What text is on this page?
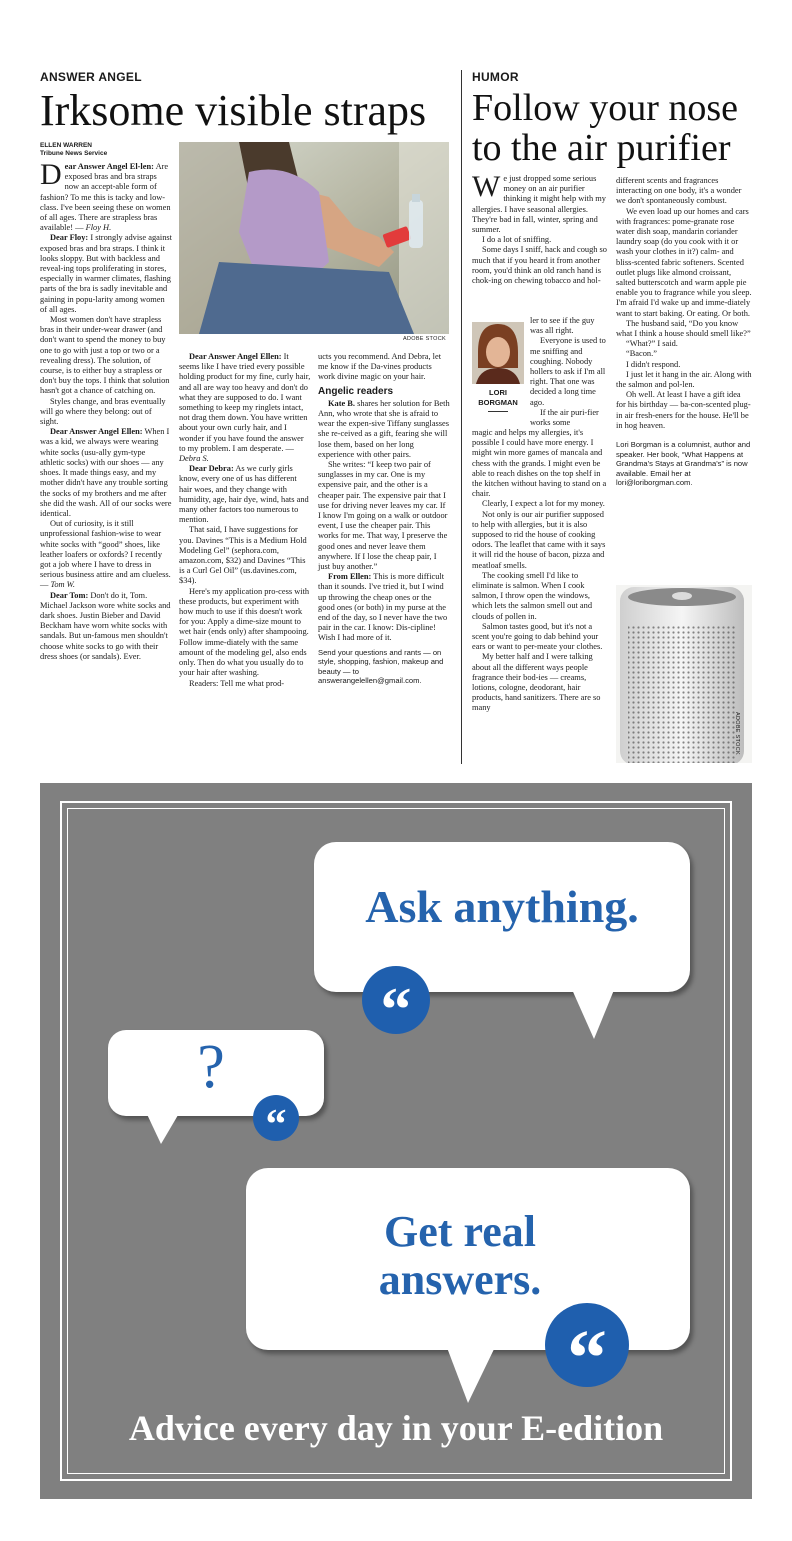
ANSWER ANGEL
Irksome visible straps
ELLEN WARREN
Tribune News Service
ADOBE STOCK

Dear Answer Angel El-len: Are exposed bras and bra straps now an accept-able form of fashion? To me this is tacky and low-class. I've been seeing these on women of all ages. There are strapless bras available! — Floy H.

Dear Floy: I strongly advise against exposed bras and bra straps. I think it looks sloppy. But with backless and reveal-ing tops proliferating in stores, especially in warmer climates, flashing parts of the bra is sadly inevitable and gaining in popu-larity among women of all ages.

Most women don't have strapless bras in their under-wear drawer (and don't want to spend the money to buy one to go with just a top or two or a revealing dress). The solution, of course, is to either buy a strapless or don't buy the tops. I think that solution hasn't got a chance of catching on.

Styles change, and bras eventually will go where they belong: out of sight.

Dear Answer Angel Ellen: When I was a kid, we always were wearing white socks (usu-ally gym-type athletic socks) with our shoes — any shoes. It made things easy, and my mother didn't have any trouble sorting the socks of my brothers and me after she did the wash. All of our socks were identical.

Out of curiosity, is it still unprofessional fashion-wise to wear white socks with “good” shoes, like leather loafers or oxfords? I recently got a job where I have to dress in serious business attire and am clueless. — Tom W.

Dear Tom: Don't do it, Tom. Michael Jackson wore white socks and dark shoes. Justin Bieber and David Beckham have worn white socks with sandals. But un-famous men shouldn't choose white socks to go with their dress shoes (or sandals). Ever.

Dear Answer Angel Ellen: It seems like I have tried every possible holding product for my fine, curly hair, and all are way too heavy and don't do what they are supposed to do. I want something to keep my ringlets intact, not drag them down. You have written about your own curly hair, and I wonder if you have found the answer to my problem. I am desperate. — Debra S.

Dear Debra: As we curly girls know, every one of us has different hair woes, and they change with humidity, age, hair dye, wind, hats and many other factors too numerous to mention.

That said, I have suggestions for you. Davines “This is a Medium Hold Modeling Gel” (sephora.com, amazon.com, $32) and Davines “This is a Curl Gel Oil” (us.davines.com, $34).

Here's my application pro-cess with these products, but experiment with how much to use if this doesn't work for you: Apply a dime-size mount to wet hair (ends only) after shampooing. Follow imme-diately with the same amount of the modeling gel, also ends only. Then do what you usually do to your hair after washing.

Readers: Tell me what prod-

ucts you recommend. And Debra, let me know if the Da-vines products work divine magic on your hair.

Angelic readers

Kate B. shares her solution for Beth Ann, who wrote that she is afraid to wear the expen-sive Tiffany sunglasses she re-ceived as a gift, fearing she will lose them, based on her long experience with other pairs.

She writes: “I keep two pair of sunglasses in my car. One is my expensive pair, and the other is a cheaper pair. The expensive pair that I use for driving never leaves my car. If I know I'm going on a walk or outdoor event, I use the cheaper pair. This works for me. That way, I preserve the good ones and never leave them anywhere. If I lose the cheap pair, I just buy another.”

From Ellen: This is more difficult than it sounds. I've tried it, but I wind up throwing the cheap ones or the good ones (or both) in my purse at the end of the day, so I never have the two pair in the car. I know: Dis-cipline! Wish I had more of it.

Send your questions and rants — on style, shopping, fashion, makeup and beauty — to answerangelellen@gmail.com.

HUMOR
Follow your nose
to the air purifier

We just dropped some serious money on an air purifier thinking it might help with my allergies. I have seasonal allergies. They're bad in fall, winter, spring and summer.

I do a lot of sniffing.

Some days I sniff, hack and cough so much that if you heard it from another room, you'd think an old ranch hand is chok-ing on chewing tobacco and hol-

LORI
BORGMAN

ler to see if the guy was all right.

Everyone is used to me sniffing and coughing. Nobody hollers to ask if I'm all right. That one was decided a long time ago.

If the air puri-fier works some

magic and helps my allergies, it's possible I could have more energy. I might win more games of mancala and chess with the grands. I might even be able to reach dishes on the top shelf in the kitchen without having to stand on a chair.

Clearly, I expect a lot for my money.

Not only is our air purifier supposed to help with allergies, but it is also supposed to rid the house of cooking odors. The leaflet that came with it says it will rid the house of bacon, pizza and meatloaf smells.

The cooking smell I'd like to eliminate is salmon. When I cook salmon, I throw open the windows, which lets the salmon smell out and clouds of pollen in.

Salmon tastes good, but it's not a scent you're going to dab behind your ears or want to per-meate your clothes.

My better half and I were talking about all the different ways people fragrance their bod-ies — creams, lotions, cologne, deodorant, hair products, hand sanitizers. There are so many

different scents and fragrances interacting on one body, it's a wonder we don't spontaneously combust.

We even load up our homes and cars with fragrances: pome-granate rose water dish soap, mandarin coriander laundry soap (do you cook with it or wash your clothes in it?) calm- and bliss-scented fabric softeners. Scented outlet plugs like almond croissant, salted butterscotch and warm apple pie enable you to fragrance while you sleep. I'm afraid I'd wake up and imme-diately want to start baking. Or eating. Or both.

The husband said, “Do you know what I think a house should smell like?”

“What?” I said.

“Bacon.”

I didn't respond.

I just let it hang in the air. Along with the salmon and pol-len.

Oh well. At least I have a gift idea for his birthday — ba-con-scented plug-in air fresh-eners for the house. He'll be in hog heaven.

Lori Borgman is a columnist, author and speaker. Her book, “What Happens at Grandma's Stays at Grandma's” is now available. Email her at lori@loriborgman.com.

ADOBE STOCK
Ask anything.
“
?
“
Get real
answers.
“
Advice every day in your E-edition
